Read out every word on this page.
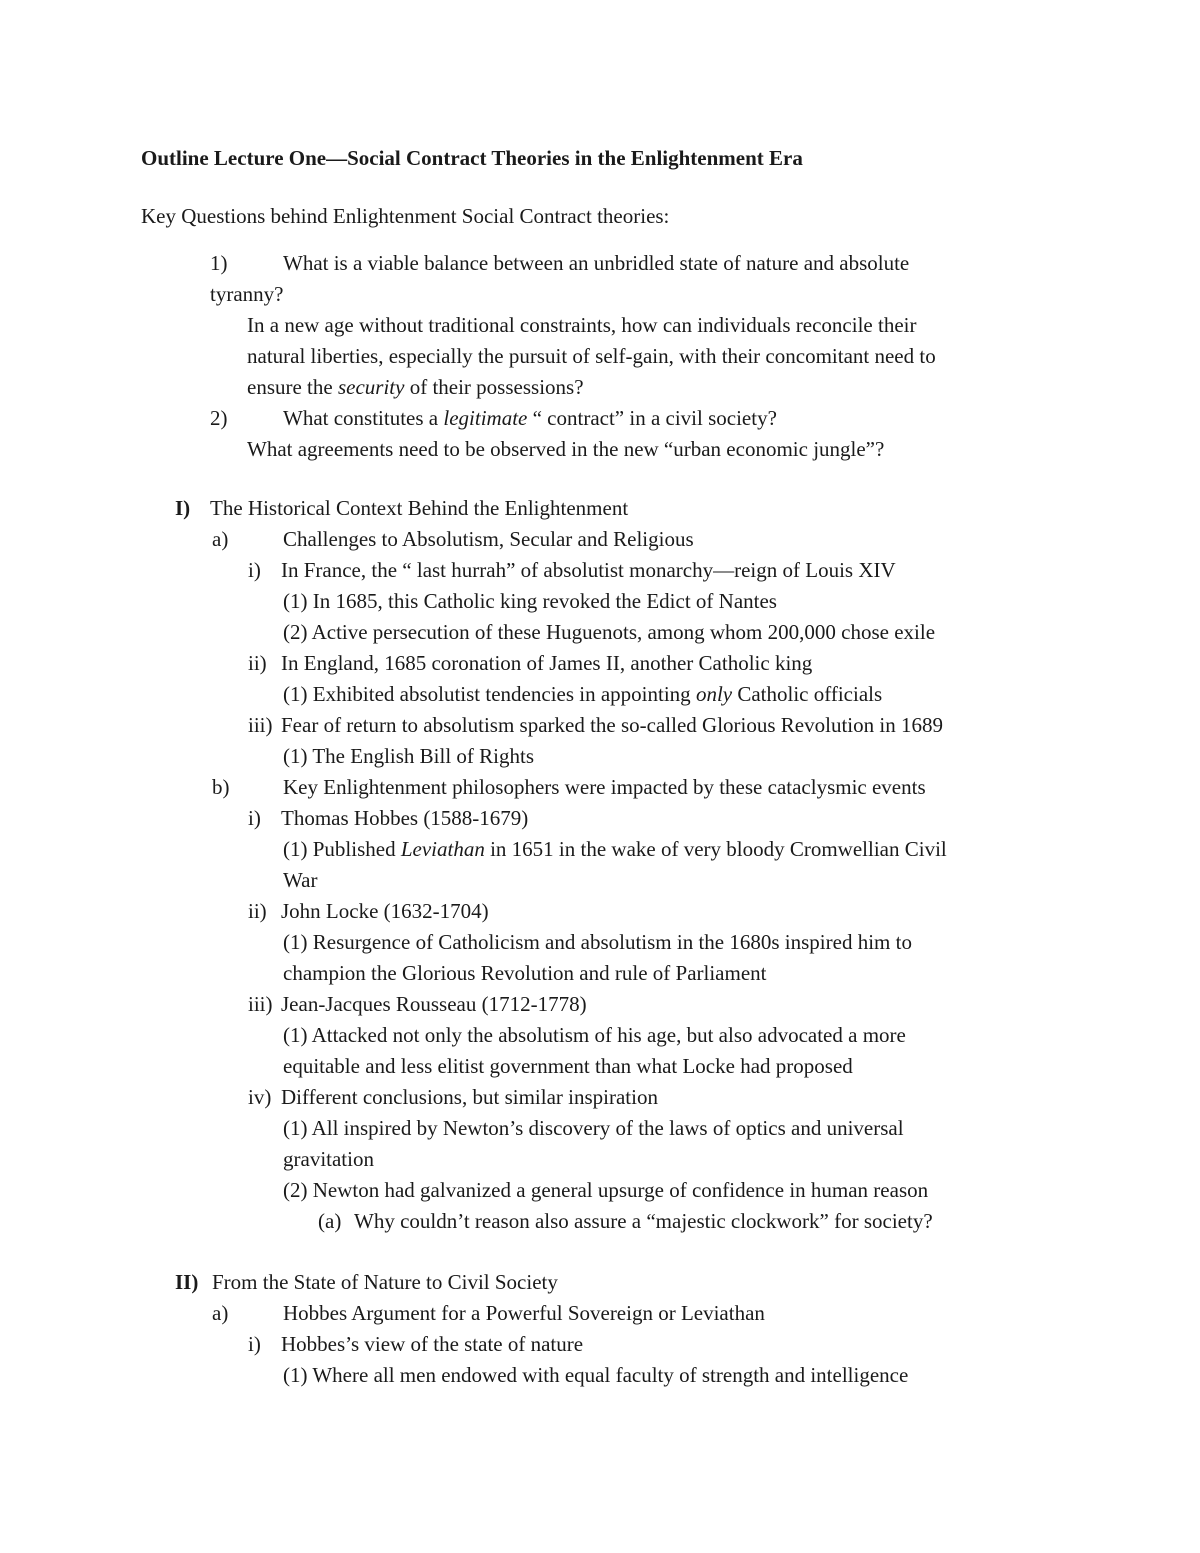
Outline Lecture One—Social Contract Theories in the Enlightenment Era
Key Questions behind Enlightenment Social Contract theories:
1)	What is a viable balance between an unbridled state of nature and absolute
tyranny?
In a new age without traditional constraints, how can individuals reconcile their
natural liberties, especially the pursuit of self-gain, with their concomitant need to
ensure the security of their possessions?
2)	What constitutes a legitimate “ contract” in a civil society?
What agreements need to be observed in the new “urban economic jungle”?
I) The Historical Context Behind the Enlightenment
a)	Challenges to Absolutism, Secular and Religious
i) In France, the “ last hurrah” of absolutist monarchy—reign of Louis XIV
(1) In 1685, this Catholic king revoked the Edict of Nantes
(2) Active persecution of these Huguenots, among whom 200,000 chose exile
ii) In England, 1685 coronation of James II, another Catholic king
(1) Exhibited absolutist tendencies in appointing only Catholic officials
iii) Fear of return to absolutism sparked the so-called Glorious Revolution in 1689
(1) The English Bill of Rights
b)	Key Enlightenment philosophers were impacted by these cataclysmic events
i) Thomas Hobbes (1588-1679)
(1) Published Leviathan in 1651 in the wake of very bloody Cromwellian Civil
War
ii) John Locke (1632-1704)
(1) Resurgence of Catholicism and absolutism in the 1680s inspired him to
champion the Glorious Revolution and rule of Parliament
iii) Jean-Jacques Rousseau (1712-1778)
(1) Attacked not only the absolutism of his age, but also advocated a more
equitable and less elitist government than what Locke had proposed
iv) Different conclusions, but similar inspiration
(1) All inspired by Newton’s discovery of the laws of optics and universal
gravitation
(2) Newton had galvanized a general upsurge of confidence in human reason
(a) Why couldn’t reason also assure a “majestic clockwork” for society?
II) From the State of Nature to Civil Society
a)	Hobbes Argument for a Powerful Sovereign or Leviathan
i) Hobbes’s view of the state of nature
(1) Where all men endowed with equal faculty of strength and intelligence
